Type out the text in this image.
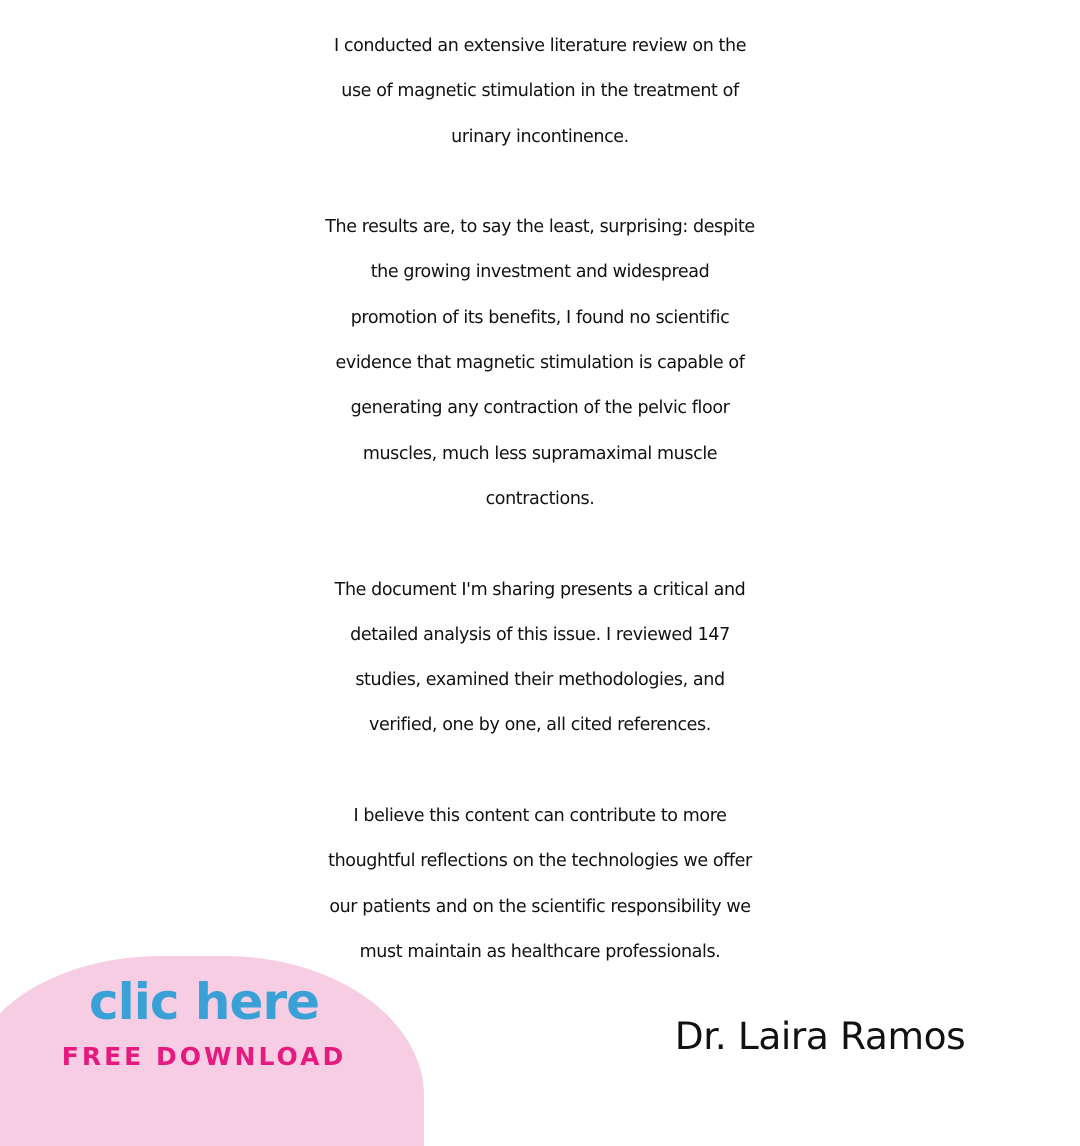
I conducted an extensive literature review on the
use of magnetic stimulation in the treatment of
urinary incontinence.

The results are, to say the least, surprising: despite
the growing investment and widespread
promotion of its benefits, I found no scientific
evidence that magnetic stimulation is capable of
generating any contraction of the pelvic floor
muscles, much less supramaximal muscle
contractions.

The document I'm sharing presents a critical and
detailed analysis of this issue. I reviewed 147
studies, examined their methodologies, and
verified, one by one, all cited references.

I believe this content can contribute to more
thoughtful reflections on the technologies we offer
our patients and on the scientific responsibility we
must maintain as healthcare professionals.

clic here
FREE DOWNLOAD	Dr. Laira Ramos
